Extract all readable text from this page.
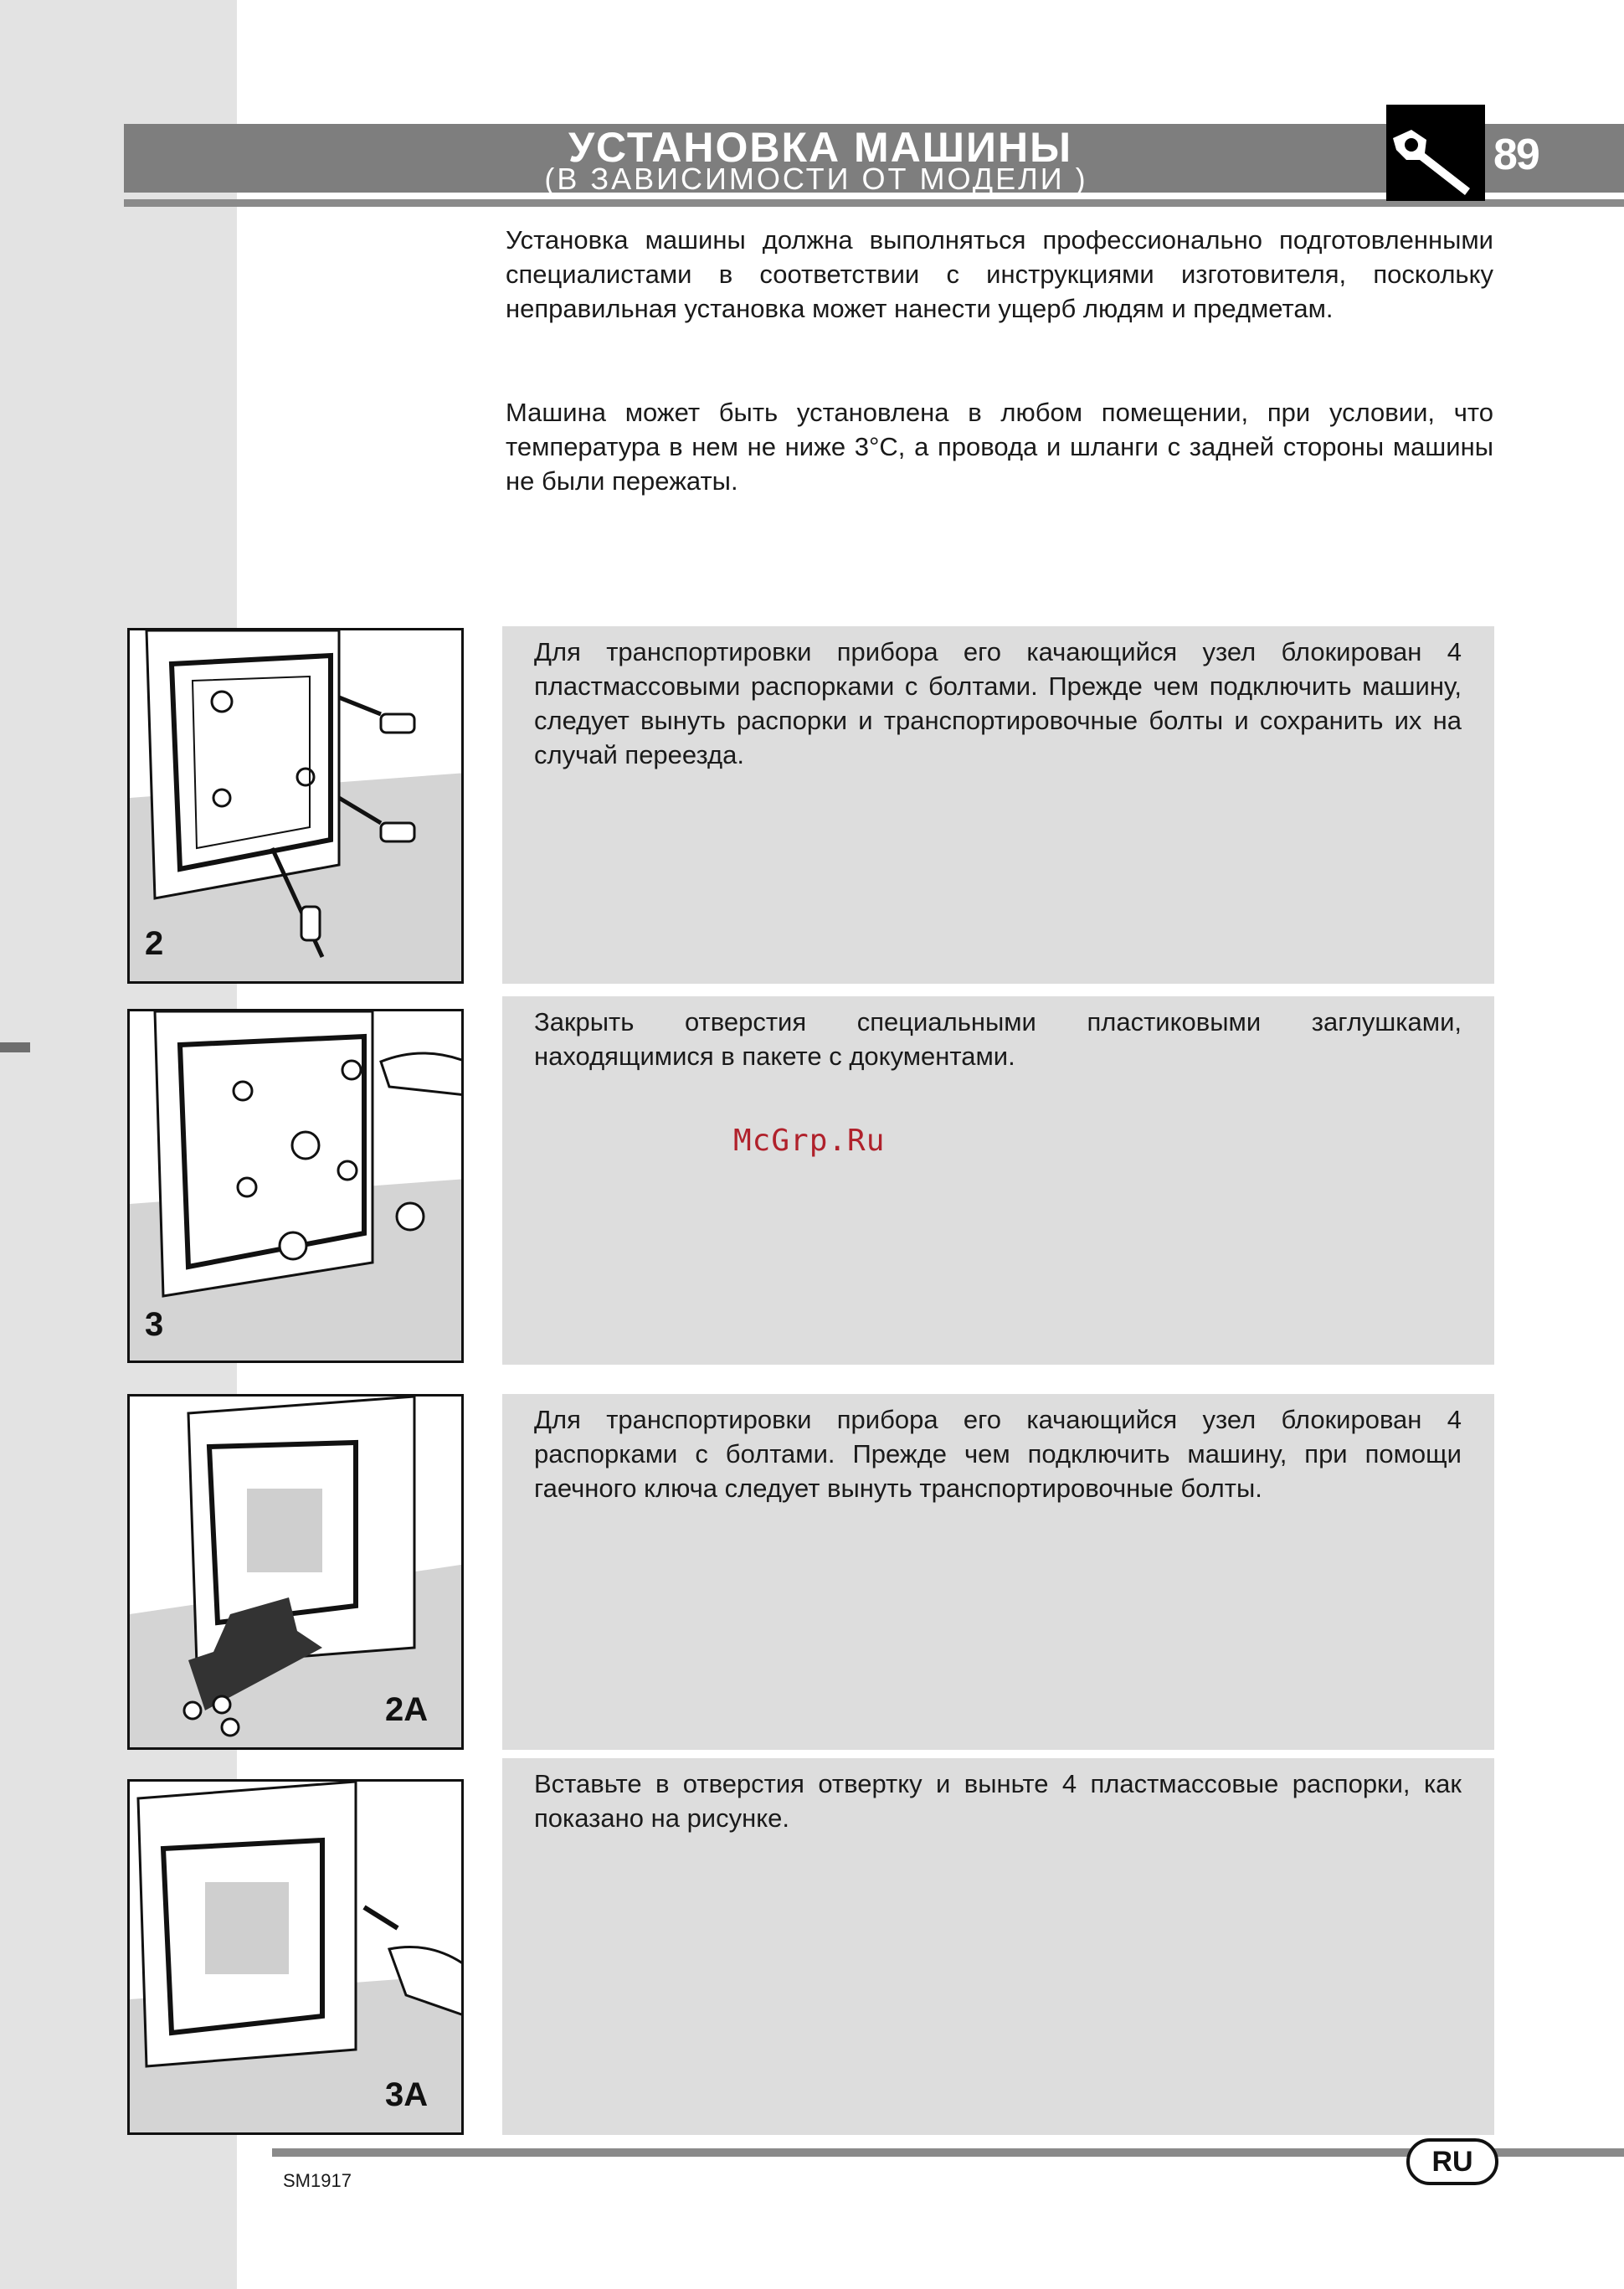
УСТАНОВКА МАШИНЫ
(В ЗАВИСИМОСТИ ОТ МОДЕЛИ )	89
Установка машины должна выполняться профессионально подготовленными специалистами в соответствии с инструкциями изготовителя, поскольку неправильная установка может нанести ущерб людям и предметам.
Машина может быть установлена в любом помещении, при условии, что температура в нем не ниже 3°С, а провода и шланги с задней стороны машины не были пережаты.
Для транспортировки прибора его качающийся узел блокирован 4 пластмассовыми распорками с болтами. Прежде чем подключить машину, следует вынуть распорки и транспортировочные болты и сохранить их на случай переезда.
2
Закрыть отверстия специальными пластиковыми заглушками, находящимися в пакете с документами.
McGrp.Ru
3
Для транспортировки прибора его качающийся узел блокирован 4 распорками с болтами. Прежде чем подключить машину, при помощи гаечного ключа следует вынуть транспортировочные болты.
2A
Вставьте в отверстия отвертку и выньте 4 пластмассовые распорки, как показано на рисунке.
3A
SM1917
RU
